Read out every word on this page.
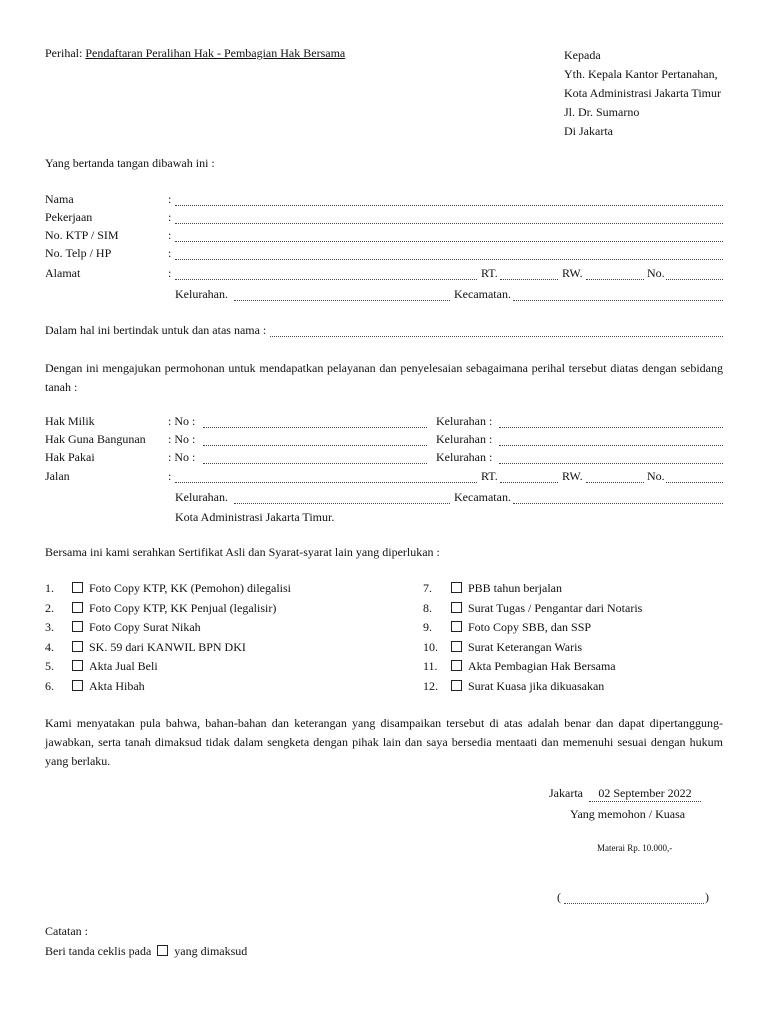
Perihal: Pendaftaran Peralihan Hak - Pembagian Hak Bersama	Kepada
Yth. Kepala Kantor Pertanahan,
Kota Administrasi Jakarta Timur
Jl. Dr. Sumarno
Di Jakarta
Yang bertanda tangan dibawah ini :
Nama	:
Pekerjaan	:
No. KTP / SIM	:
No. Telp / HP	:
Alamat	:	RT.	RW.	No.
Kelurahan.	Kecamatan.
Dalam hal ini bertindak untuk dan atas nama :
Dengan ini mengajukan permohonan untuk mendapatkan pelayanan dan penyelesaian sebagaimana perihal tersebut diatas dengan sebidang tanah :
Hak Milik	: No :	Kelurahan :
Hak Guna Bangunan : No :	Kelurahan :
Hak Pakai	: No :	Kelurahan :
Jalan	:	RT.	RW.	No.
Kelurahan.	Kecamatan.
Kota Administrasi Jakarta Timur.
Bersama ini kami serahkan Sertifikat Asli dan Syarat-syarat lain yang diperlukan :
1.	Foto Copy KTP, KK (Pemohon) dilegalisi
2.	Foto Copy KTP, KK Penjual (legalisir)
3.	Foto Copy Surat Nikah
4.	SK. 59 dari KANWIL BPN DKI
5.	Akta Jual Beli
6.	Akta Hibah
7.	PBB tahun berjalan
8.	Surat Tugas / Pengantar dari Notaris
9.	Foto Copy SBB, dan SSP
10.	Surat Keterangan Waris
11.	Akta Pembagian Hak Bersama
12.	Surat Kuasa jika dikuasakan
Kami menyatakan pula bahwa, bahan-bahan dan keterangan yang disampaikan tersebut di atas adalah benar dan dapat dipertanggung-jawabkan, serta tanah dimaksud tidak dalam sengketa dengan pihak lain dan saya bersedia mentaati dan memenuhi sesuai dengan hukum yang berlaku.
Jakarta	02 September 2022
Yang memohon / Kuasa
Materai Rp. 10.000,-
(	)
Catatan :
Beri tanda ceklis pada yang dimaksud
